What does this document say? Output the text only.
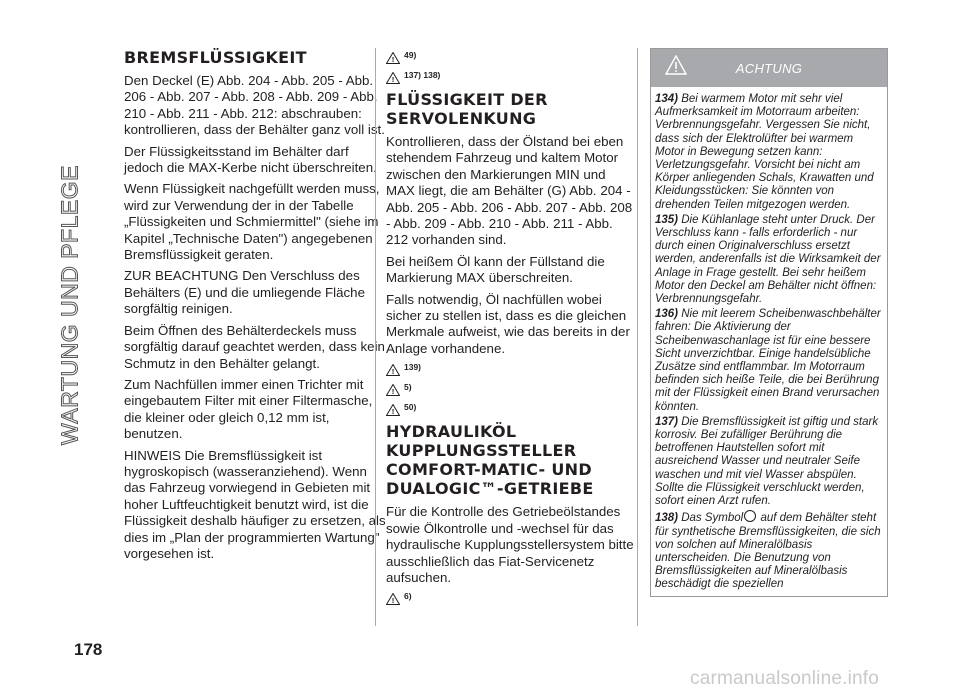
WARTUNG UND PFLEGE
BREMSFLÜSSIGKEIT

Den Deckel (E) Abb. 204 - Abb. 205 - Abb. 206 - Abb. 207 - Abb. 208 - Abb. 209 - Abb. 210 - Abb. 211 - Abb. 212: abschrauben: kontrollieren, dass der Behälter ganz voll ist.

Der Flüssigkeitsstand im Behälter darf jedoch die MAX-Kerbe nicht überschreiten.

Wenn Flüssigkeit nachgefüllt werden muss, wird zur Verwendung der in der Tabelle „Flüssigkeiten und Schmiermittel" (siehe im Kapitel „Technische Daten") angegebenen Bremsflüssigkeit geraten.

ZUR BEACHTUNG Den Verschluss des Behälters (E) und die umliegende Fläche sorgfältig reinigen.

Beim Öffnen des Behälterdeckels muss sorgfältig darauf geachtet werden, dass kein Schmutz in den Behälter gelangt.

Zum Nachfüllen immer einen Trichter mit eingebautem Filter mit einer Filtermasche, die kleiner oder gleich 0,12 mm ist, benutzen.

HINWEIS Die Bremsflüssigkeit ist hygroskopisch (wasseranziehend). Wenn das Fahrzeug vorwiegend in Gebieten mit hoher Luftfeuchtigkeit benutzt wird, ist die Flüssigkeit deshalb häufiger zu ersetzen, als dies im „Plan der programmierten Wartung" vorgesehen ist.

!
49)
!
137) 138)
FLÜSSIGKEIT DER SERVOLENKUNG

Kontrollieren, dass der Ölstand bei eben stehendem Fahrzeug und kaltem Motor zwischen den Markierungen MIN und MAX liegt, die am Behälter (G) Abb. 204 - Abb. 205 - Abb. 206 - Abb. 207 - Abb. 208 - Abb. 209 - Abb. 210 - Abb. 211 - Abb. 212 vorhanden sind.

Bei heißem Öl kann der Füllstand die Markierung MAX überschreiten.

Falls notwendig, Öl nachfüllen wobei sicher zu stellen ist, dass es die gleichen Merkmale aufweist, wie das bereits in der Anlage vorhandene.

!
139)
!
5)
!
50)
HYDRAULIKÖL KUPPLUNGSSTELLER COMFORT-MATIC- UND DUALOGIC™-GETRIEBE

Für die Kontrolle des Getriebeölstandes sowie Ölkontrolle und -wechsel für das hydraulische Kupplungsstellersystem bitte ausschließlich das Fiat-Servicenetz aufsuchen.

!
6)
ACHTUNG

134) Bei warmem Motor mit sehr viel Aufmerksamkeit im Motorraum arbeiten: Verbrennungsgefahr. Vergessen Sie nicht, dass sich der Elektrolüfter bei warmem Motor in Bewegung setzen kann: Verletzungsgefahr. Vorsicht bei nicht am Körper anliegenden Schals, Krawatten und Kleidungsstücken: Sie könnten von drehenden Teilen mitgezogen werden.

135) Die Kühlanlage steht unter Druck. Der Verschluss kann - falls erforderlich - nur durch einen Originalverschluss ersetzt werden, anderenfalls ist die Wirksamkeit der Anlage in Frage gestellt. Bei sehr heißem Motor den Deckel am Behälter nicht öffnen: Verbrennungsgefahr.

136) Nie mit leerem Scheibenwaschbehälter fahren: Die Aktivierung der Scheibenwaschanlage ist für eine bessere Sicht unverzichtbar. Einige handelsübliche Zusätze sind entflammbar. Im Motorraum befinden sich heiße Teile, die bei Berührung mit der Flüssigkeit einen Brand verursachen könnten.

137) Die Bremsflüssigkeit ist giftig und stark korrosiv. Bei zufälliger Berührung die betroffenen Hautstellen sofort mit ausreichend Wasser und neutraler Seife waschen und mit viel Wasser abspülen. Sollte die Flüssigkeit verschluckt werden, sofort einen Arzt rufen.

138) Das Symbol auf dem Behälter steht für synthetische Bremsflüssigkeiten, die sich von solchen auf Mineralölbasis unterscheiden. Die Benutzung von Bremsflüssigkeiten auf Mineralölbasis beschädigt die speziellen

178
carmanualsonline.info
